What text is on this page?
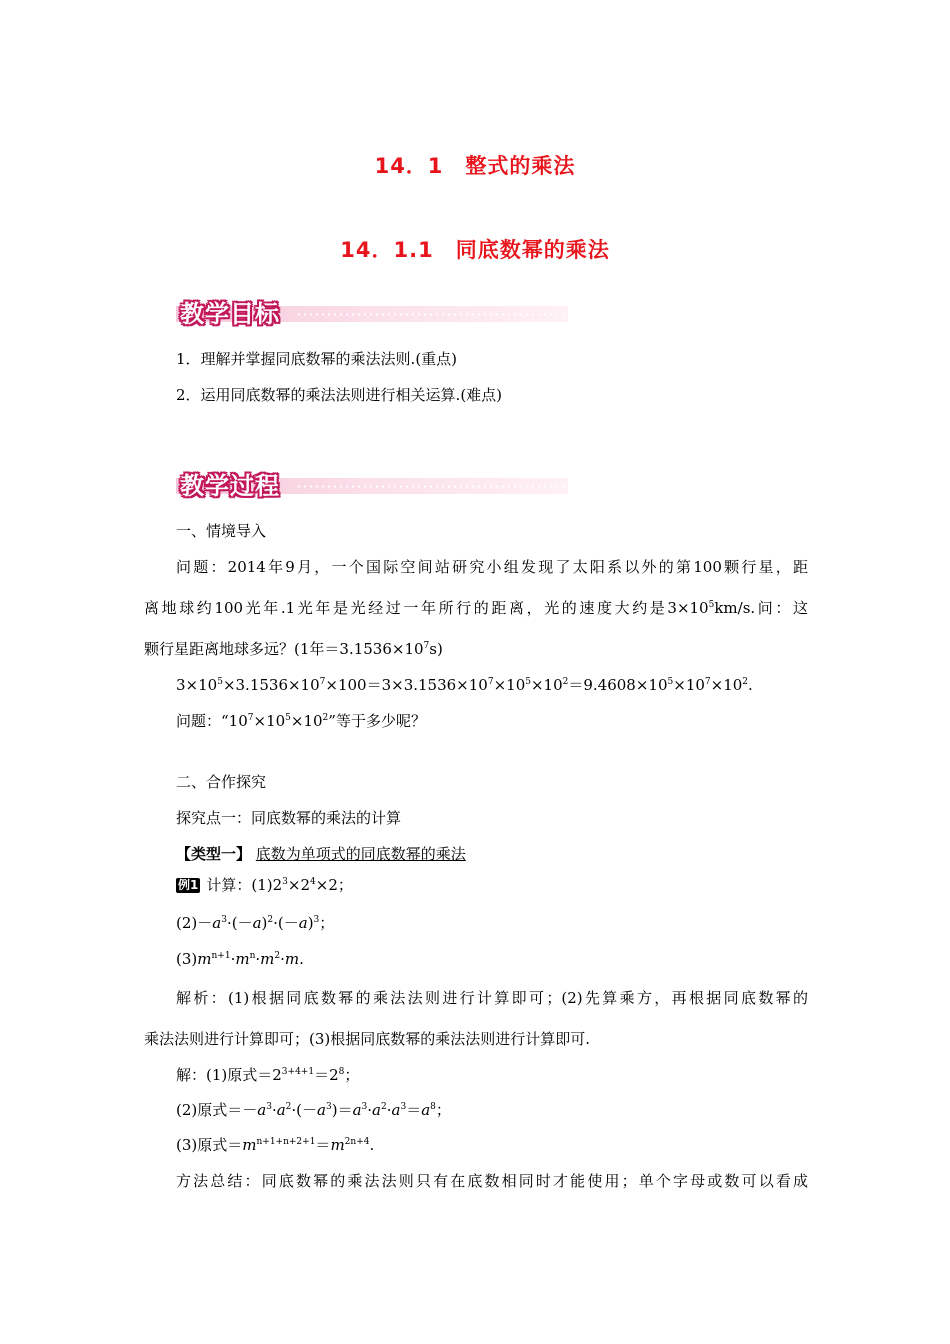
14．1　整式的乘法
14．1.1　同底数幂的乘法
教学目标
1．理解并掌握同底数幂的乘法法则.(重点)
2．运用同底数幂的乘法法则进行相关运算.(难点)
教学过程
一、情境导入
问题：2014年9月，一个国际空间站研究小组发现了太阳系以外的第100颗行星，距
离地球约100光年.1光年是光经过一年所行的距离，光的速度大约是$3\times 10^5km/s$.问：这
颗行星距离地球多远？(1年$=3.1536\times 10^7s$)
$3\times 10^5\times 3.1536\times 10^7\times 100=3\times 3.1536\times 10^7\times 10^5\times 10^2=9.4608\times 10^5\times 10^7\times 10^2$.
问题：“$10^7\times 10^5\times 10^2$”等于多少呢？
二、合作探究
探究点一：同底数幂的乘法的计算
【类型一】 底数为单项式的同底数幂的乘法
例1 计算：$(1)2^3\times 2^4\times 2$；
$(2)-a^3\cdot(-a)^2\cdot(-a)^3$；
$(3)m^{n+1}\cdot m^n\cdot m^2\cdot m$.
解析：(1)根据同底数幂的乘法法则进行计算即可；(2)先算乘方，再根据同底数幂的
乘法法则进行计算即可；(3)根据同底数幂的乘法法则进行计算即可.
解：(1)原式$=2^{3+4+1}=2^8$；
(2)原式$=-a^3\cdot a^2\cdot(-a^3)=a^3\cdot a^2\cdot a^3=a^8$；
(3)原式$=m^{n+1+n+2+1}=m^{2n+4}$.
方法总结：同底数幂的乘法法则只有在底数相同时才能使用；单个字母或数可以看成
